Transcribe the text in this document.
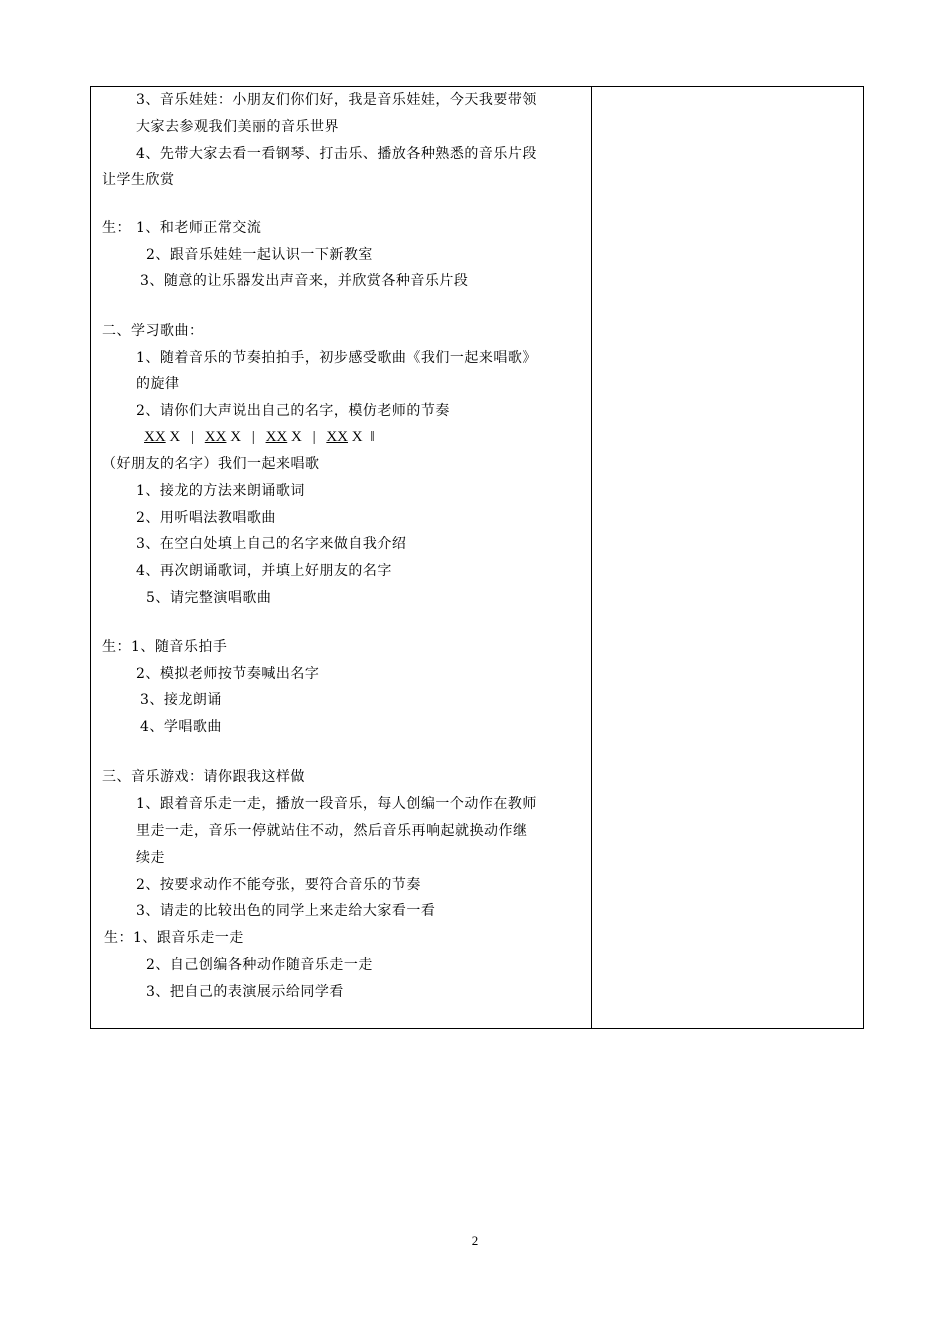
3、音乐娃娃：小朋友们你们好，我是音乐娃娃，今天我要带领
大家去参观我们美丽的音乐世界
4、先带大家去看一看钢琴、打击乐、播放各种熟悉的音乐片段
让学生欣赏
生： 1、和老师正常交流
2、跟音乐娃娃一起认识一下新教室
3、随意的让乐器发出声音来，并欣赏各种音乐片段
二、学习歌曲：
1、随着音乐的节奏拍拍手，初步感受歌曲《我们一起来唱歌》
的旋律
2、请你们大声说出自己的名字，模仿老师的节奏
XX X | XX X | XX X | XX X ‖
（好朋友的名字）我们一起来唱歌
1、接龙的方法来朗诵歌词
2、用听唱法教唱歌曲
3、在空白处填上自己的名字来做自我介绍
4、再次朗诵歌词，并填上好朋友的名字
5、请完整演唱歌曲
生：1、随音乐拍手
2、模拟老师按节奏喊出名字
3、接龙朗诵
4、学唱歌曲
三、音乐游戏：请你跟我这样做
1、跟着音乐走一走，播放一段音乐，每人创编一个动作在教师
里走一走，音乐一停就站住不动，然后音乐再响起就换动作继
续走
2、按要求动作不能夸张，要符合音乐的节奏
3、请走的比较出色的同学上来走给大家看一看
生：1、跟音乐走一走
2、自己创编各种动作随音乐走一走
3、把自己的表演展示给同学看
2
